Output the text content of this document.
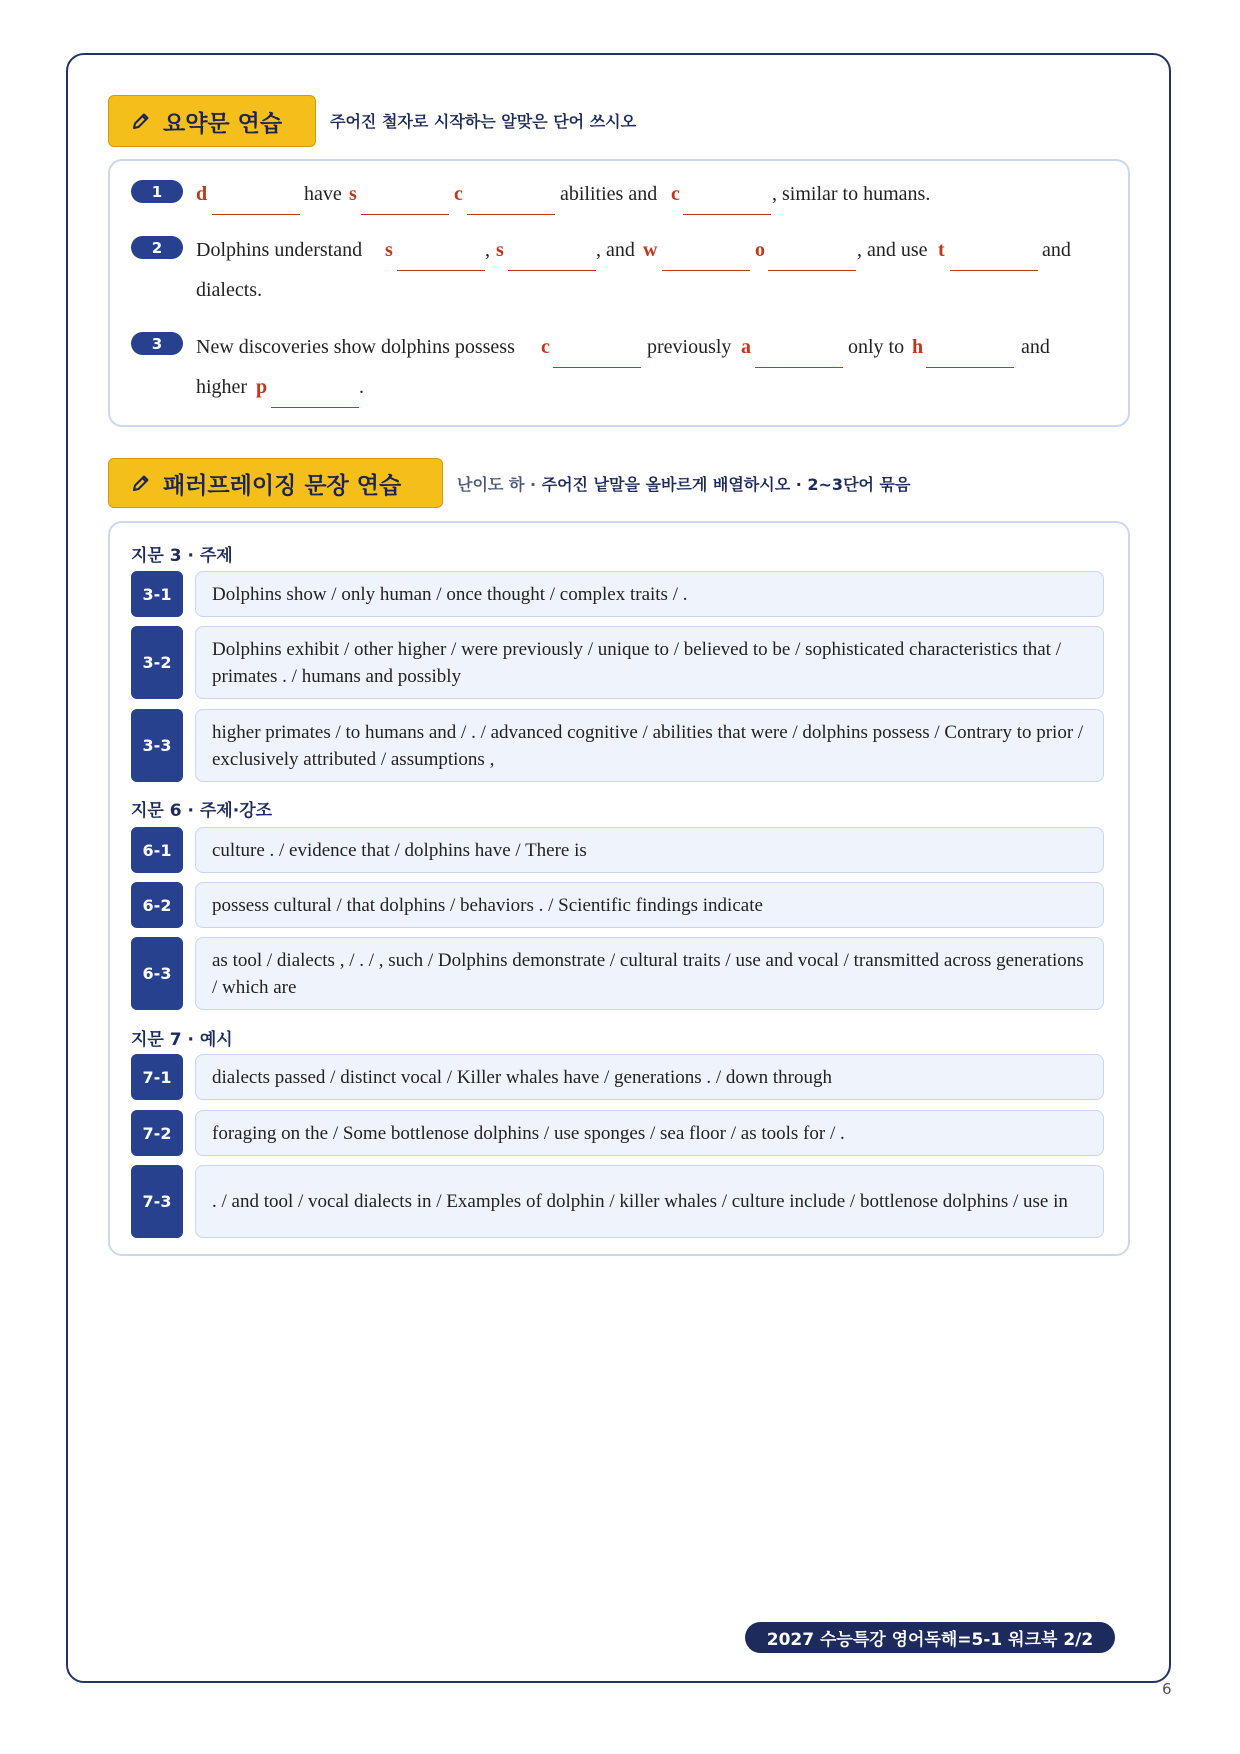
요약문 연습	주어진 철자로 시작하는 알맞은 단어 쓰시오
1	d	have s	c	abilities and c	, similar to humans.
2	Dolphins understand s	, s	, and w	o	, and use t	and
dialects.
3	New discoveries show dolphins possess c	previously a	only to h	and
higher p	.
패러프레이징 문장 연습	난이도 하 · 주어진 낱말을 올바르게 배열하시오 · 2~3단어 묶음
지문 3 · 주제
3-1	Dolphins show / only human / once thought / complex traits / .
3-2
Dolphins exhibit / other higher / were previously / unique to / believed to be / sophisticated characteristics that / primates . / humans and possibly
3-3
higher primates / to humans and / . / advanced cognitive / abilities that were / dolphins possess / Contrary to prior / exclusively attributed / assumptions ,
지문 6 · 주제·강조
6-1	culture . / evidence that / dolphins have / There is
6-2	possess cultural / that dolphins / behaviors . / Scientific findings indicate
6-3
as tool / dialects , / . / , such / Dolphins demonstrate / cultural traits / use and vocal / transmitted across generations / which are
지문 7 · 예시
7-1	dialects passed / distinct vocal / Killer whales have / generations . / down through
7-2	foraging on the / Some bottlenose dolphins / use sponges / sea floor / as tools for / .
7-3	. / and tool / vocal dialects in / Examples of dolphin / killer whales / culture include / bottlenose dolphins / use in
2027 수능특강 영어독해=5-1 워크북 2/2
6
